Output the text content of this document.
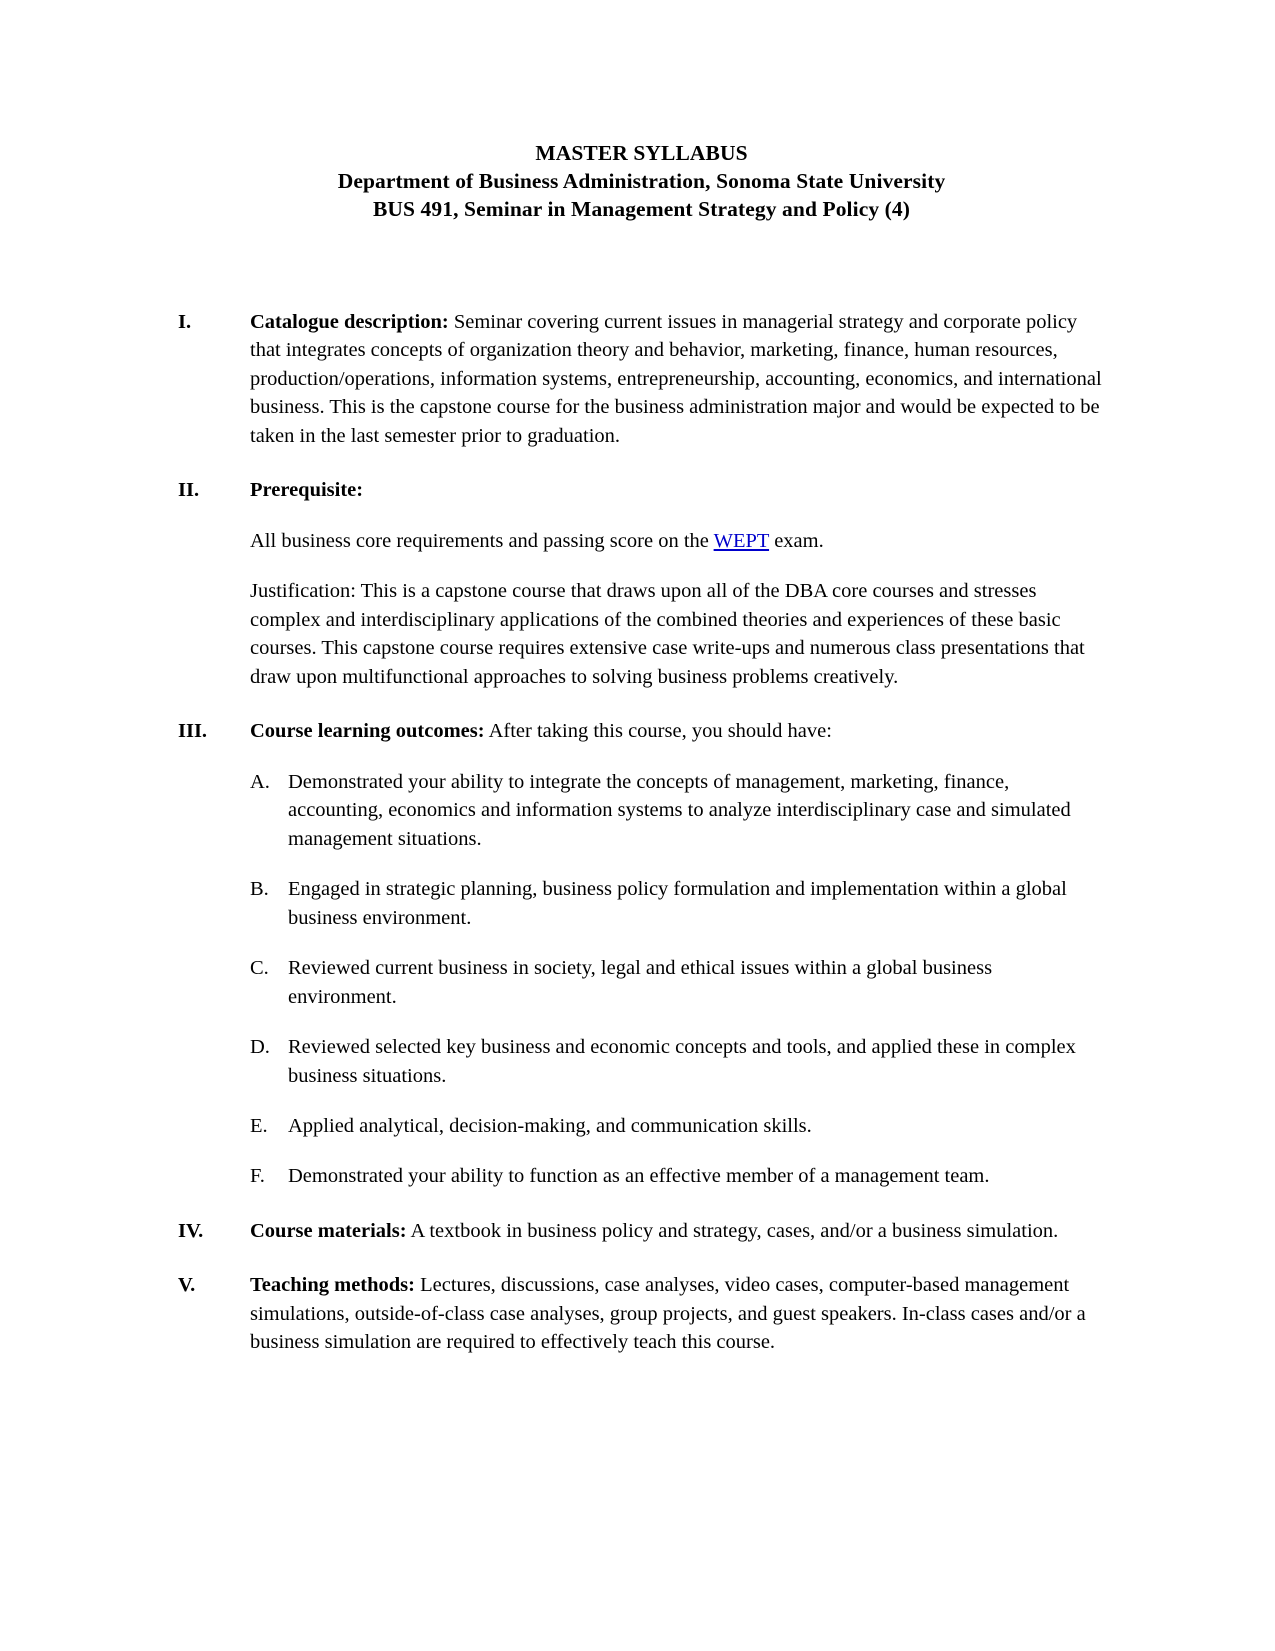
MASTER SYLLABUS
Department of Business Administration, Sonoma State University
BUS 491, Seminar in Management Strategy and Policy (4)
I.	Catalogue description: Seminar covering current issues in managerial strategy and corporate policy that integrates concepts of organization theory and behavior, marketing, finance, human resources, production/operations, information systems, entrepreneurship, accounting, economics, and international business. This is the capstone course for the business administration major and would be expected to be taken in the last semester prior to graduation.
II.	Prerequisite:
All business core requirements and passing score on the WEPT exam.
Justification: This is a capstone course that draws upon all of the DBA core courses and stresses complex and interdisciplinary applications of the combined theories and experiences of these basic courses. This capstone course requires extensive case write-ups and numerous class presentations that draw upon multifunctional approaches to solving business problems creatively.
III.	Course learning outcomes: After taking this course, you should have:
A. Demonstrated your ability to integrate the concepts of management, marketing, finance, accounting, economics and information systems to analyze interdisciplinary case and simulated management situations.
B. Engaged in strategic planning, business policy formulation and implementation within a global business environment.
C. Reviewed current business in society, legal and ethical issues within a global business environment.
D. Reviewed selected key business and economic concepts and tools, and applied these in complex business situations.
E. Applied analytical, decision-making, and communication skills.
F.	Demonstrated your ability to function as an effective member of a management team.
IV.	Course materials: A textbook in business policy and strategy, cases, and/or a business simulation.
V.	Teaching methods: Lectures, discussions, case analyses, video cases, computer-based management simulations, outside-of-class case analyses, group projects, and guest speakers. In-class cases and/or a business simulation are required to effectively teach this course.
